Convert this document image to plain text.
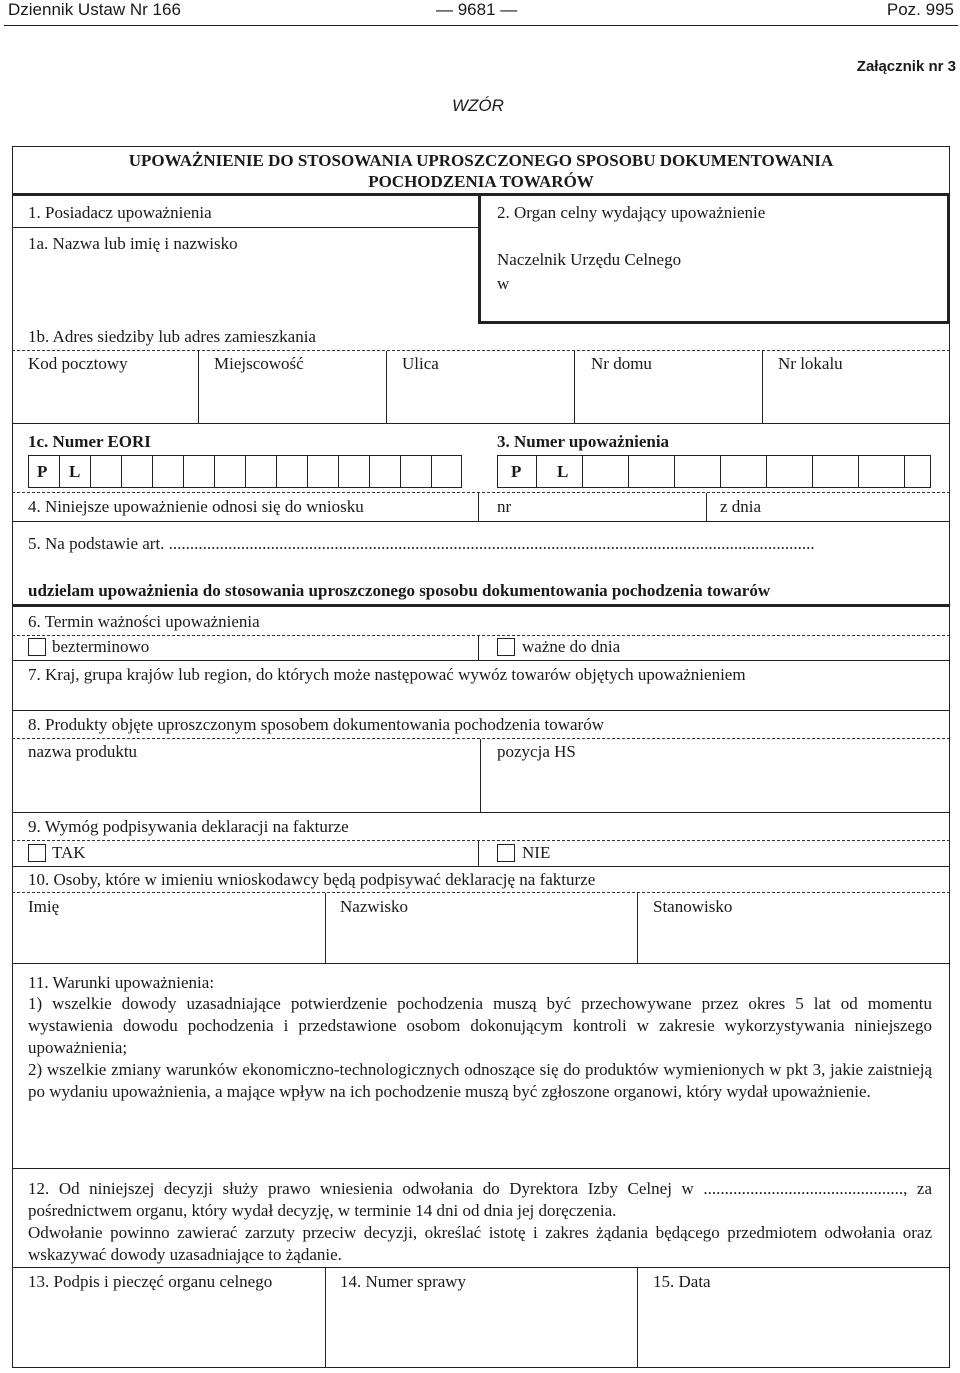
Dziennik Ustaw Nr 166	— 9681 —	Poz. 995
Załącznik nr 3
WZÓR
UPOWAŻNIENIE DO STOSOWANIA UPROSZCZONEGO SPOSOBU DOKUMENTOWANIA
POCHODZENIA TOWARÓW
1. Posiadacz upoważnienia
1a. Nazwa lub imię i nazwisko
2. Organ celny wydający upoważnienie
Naczelnik Urzędu Celnego
w
1b. Adres siedziby lub adres zamieszkania
Kod pocztowy	Miejscowość	Ulica	Nr domu	Nr lokalu
1c. Numer EORI	3. Numer upoważnienia
P L	P L
4. Niniejsze upoważnienie odnosi się do wniosku	nr	z dnia
5. Na podstawie art. ........................................................................................................................................................
udzielam upoważnienia do stosowania uproszczonego sposobu dokumentowania pochodzenia towarów
6. Termin ważności upoważnienia
bezterminowo	ważne do dnia
7. Kraj, grupa krajów lub region, do których może następować wywóz towarów objętych upoważnieniem
8. Produkty objęte uproszczonym sposobem dokumentowania pochodzenia towarów
nazwa produktu	pozycja HS
9. Wymóg podpisywania deklaracji na fakturze
TAK	NIE
10. Osoby, które w imieniu wnioskodawcy będą podpisywać deklarację na fakturze
Imię	Nazwisko	Stanowisko
11. Warunki upoważnienia:
1) wszelkie dowody uzasadniające potwierdzenie pochodzenia muszą być przechowywane przez okres 5 lat od momentu wystawienia dowodu pochodzenia i przedstawione osobom dokonującym kontroli w zakresie wykorzystywania niniejszego upoważnienia;
2) wszelkie zmiany warunków ekonomiczno-technologicznych odnoszące się do produktów wymienionych w pkt 3, jakie zaistnieją po wydaniu upoważnienia, a mające wpływ na ich pochodzenie muszą być zgłoszone organowi, który wydał upoważnienie.
12. Od niniejszej decyzji służy prawo wniesienia odwołania do Dyrektora Izby Celnej w ..............................................., za pośrednictwem organu, który wydał decyzję, w terminie 14 dni od dnia jej doręczenia.
Odwołanie powinno zawierać zarzuty przeciw decyzji, określać istotę i zakres żądania będącego przedmiotem odwołania oraz wskazywać dowody uzasadniające to żądanie.
13. Podpis i pieczęć organu celnego	14. Numer sprawy	15. Data
